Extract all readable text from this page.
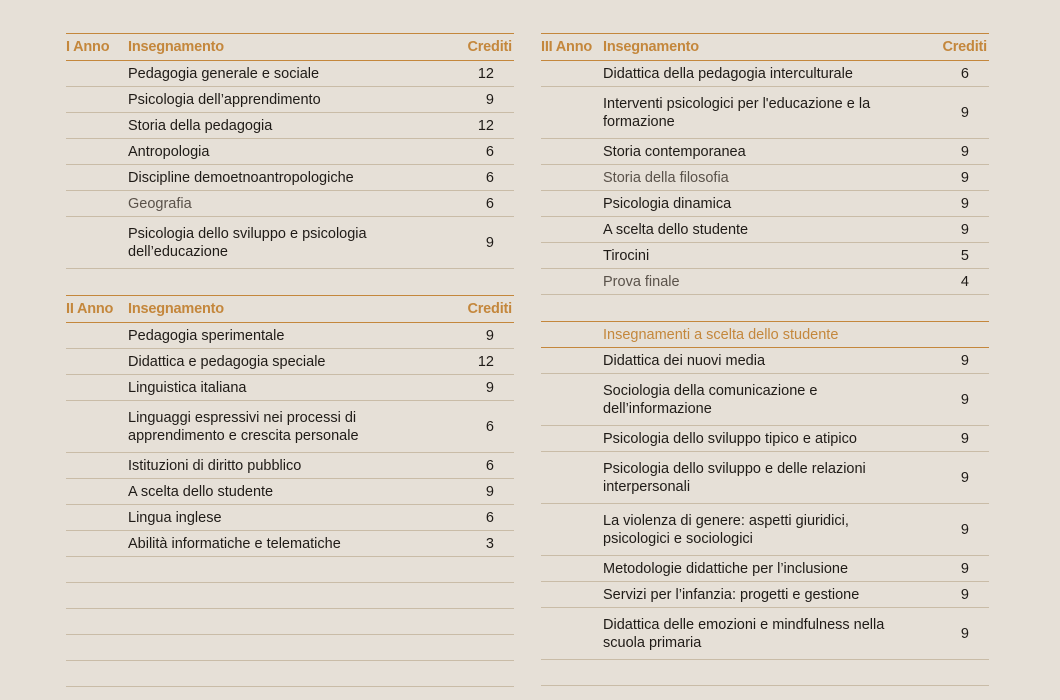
I Anno	Insegnamento	Crediti
	Pedagogia generale e sociale	12
	Psicologia dell’apprendimento	9
	Storia della pedagogia	12
	Antropologia	6
	Discipline demoetnoantropologiche	6
	Geografia	6
	Psicologia dello sviluppo e psicologia dell’educazione	9
II Anno	Insegnamento	Crediti
	Pedagogia sperimentale	9
	Didattica e pedagogia speciale	12
	Linguistica italiana	9
	Linguaggi espressivi nei processi di apprendimento e crescita personale	6
	Istituzioni di diritto pubblico	6
	A scelta dello studente	9
	Lingua inglese	6
	Abilità informatiche e telematiche	3

III Anno	Insegnamento	Crediti
	Didattica della pedagogia interculturale	6
	Interventi psicologici per l'educazione e la formazione	9
	Storia contemporanea	9
	Storia della filosofia	9
	Psicologia dinamica	9
	A scelta dello studente	9
	Tirocini	5
	Prova finale	4

	Insegnamenti a scelta dello studente	
	Didattica dei nuovi media	9
	Sociologia della comunicazione e dell’informazione	9
	Psicologia dello sviluppo tipico e atipico	9
	Psicologia dello sviluppo e delle relazioni interpersonali	9
	La violenza di genere: aspetti giuridici, psicologici e sociologici	9
	Metodologie didattiche per l’inclusione	9
	Servizi per l’infanzia: progetti e gestione	9
	Didattica delle emozioni e mindfulness nella scuola primaria	9
